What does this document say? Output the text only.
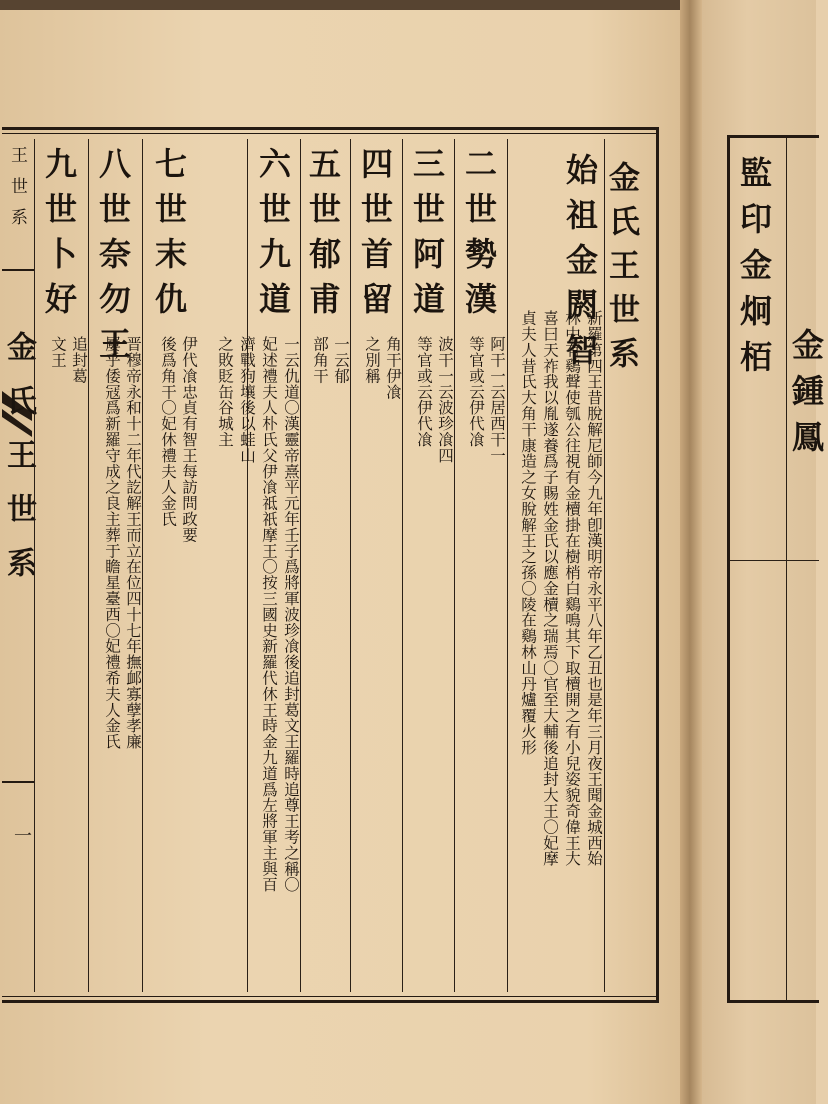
王世系
金氏王世系
一
金氏王世系
始祖金閼智
新羅第四王昔脫解尼師今九年卽漢明帝永平八年乙丑也是年三月夜王聞金城西始
林中有鷄聲使瓠公往視有金櫝掛在樹梢白鷄鳴其下取櫝開之有小兒姿貌奇偉王大
喜曰天祚我以胤遂養爲子賜姓金氏以應金櫝之瑞焉〇官至大輔後追封大王〇妃摩
貞夫人昔氏大角干康造之女脫解王之孫〇陵在鷄林山丹爐覆火形
二世勢漢
阿干一云居西干一
等官或云伊代飡
三世阿道
波干一云波珍飡四
等官或云伊代飡
四世首留
角干伊飡
之別稱
五世郁甫
一云郁
部角干
六世九道
一云仇道〇漢靈帝熹平元年壬子爲將軍波珍飡後追封葛文王羅時追尊王考之稱〇
妃述禮夫人朴氏父伊飡祗祇摩王〇按三國史新羅代休王時金九道爲左將軍主與百
濟戰狗壤後以蛙山
之敗貶缶谷城主
七世末仇
伊代飡忠貞有智王每訪問政要
後爲角干〇妃休禮夫人金氏
八世奈勿王
晋穆帝永和十二年代訖解王而立在位四十七年撫䘏寡孽孝廉
屢乎倭冦爲新羅守成之良主葬于瞻星臺西〇妃禮希夫人金氏
九世卜好
追封葛
文王	監印金炯栢
金鍾鳳
